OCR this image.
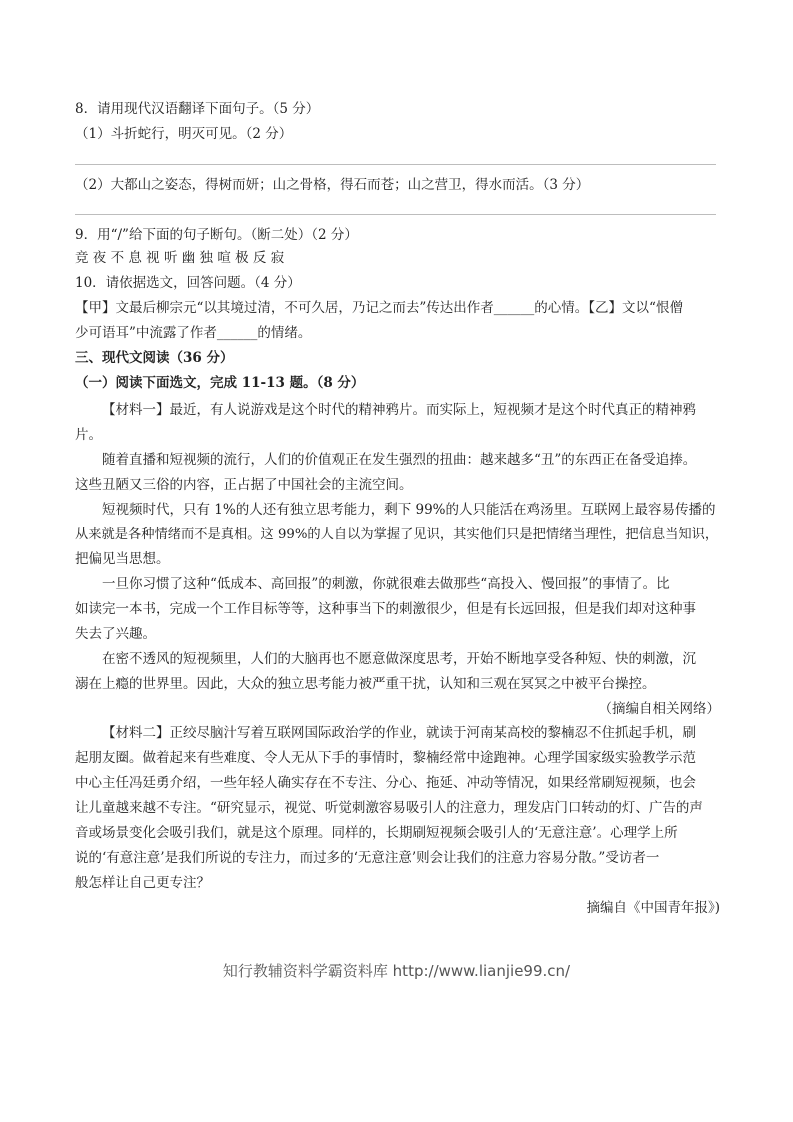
8．请用现代汉语翻译下面句子。（5 分）
（1）斗折蛇行，明灭可见。（2 分）
（2）大都山之姿态，得树而妍；山之骨格，得石而苍；山之营卫，得水而活。（3 分）
9．用“/”给下面的句子断句。（断二处）（2 分）
竞 夜 不 息 视 听 幽 独 喧 极 反 寂
10．请依据选文，回答问题。（4 分）
【甲】文最后柳宗元“以其境过清，不可久居，乃记之而去”传达出作者______的心情。【乙】文以“恨僧
少可语耳”中流露了作者______的情绪。
三、现代文阅读（36 分）
（一）阅读下面选文，完成 11-13 题。（8 分）
【材料一】最近，有人说游戏是这个时代的精神鸦片。而实际上，短视频才是这个时代真正的精神鸦
片。
随着直播和短视频的流行，人们的价值观正在发生强烈的扭曲：越来越多“丑”的东西正在备受追捧。
这些丑陋又三俗的内容，正占据了中国社会的主流空间。
短视频时代，只有 1%的人还有独立思考能力，剩下 99%的人只能活在鸡汤里。互联网上最容易传播的
从来就是各种情绪而不是真相。这 99%的人自以为掌握了见识，其实他们只是把情绪当理性，把信息当知识，
把偏见当思想。
一旦你习惯了这种“低成本、高回报”的刺激，你就很难去做那些“高投入、慢回报”的事情了。比
如读完一本书，完成一个工作目标等等，这种事当下的刺激很少，但是有长远回报，但是我们却对这种事
失去了兴趣。
在密不透风的短视频里，人们的大脑再也不愿意做深度思考，开始不断地享受各种短、快的刺激，沉
溺在上瘾的世界里。因此，大众的独立思考能力被严重干扰，认知和三观在冥冥之中被平台操控。
（摘编自相关网络）
【材料二】正绞尽脑汁写着互联网国际政治学的作业，就读于河南某高校的黎楠忍不住抓起手机，刷
起朋友圈。做着起来有些难度、令人无从下手的事情时，黎楠经常中途跑神。心理学国家级实验教学示范
中心主任冯廷勇介绍，一些年轻人确实存在不专注、分心、拖延、冲动等情况，如果经常刷短视频，也会
让儿童越来越不专注。“研究显示，视觉、听觉刺激容易吸引人的注意力，理发店门口转动的灯、广告的声
音或场景变化会吸引我们，就是这个原理。同样的，长期刷短视频会吸引人的‘无意注意’。心理学上所
说的‘有意注意’是我们所说的专注力，而过多的‘无意注意’则会让我们的注意力容易分散。”受访者一
般怎样让自己更专注？
摘编自《中国青年报》)
知行教辅资料学霸资料库 http://www.lianjie99.cn/
